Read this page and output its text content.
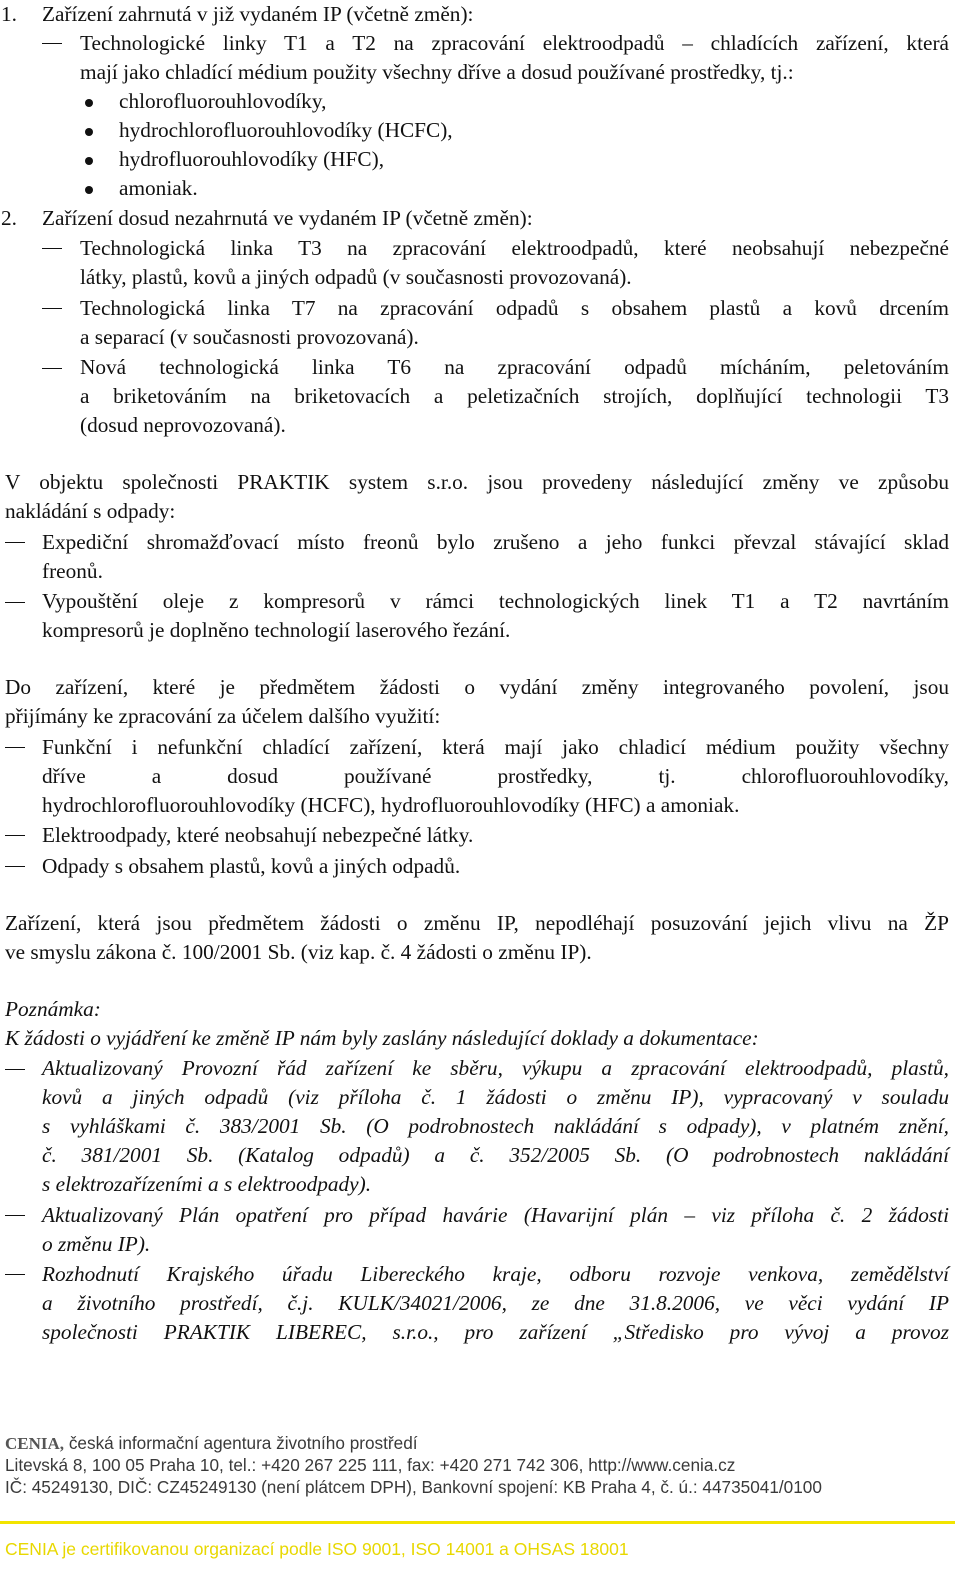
1. Zařízení zahrnutá v již vydaném IP (včetně změn):
Technologické linky T1 a T2 na zpracování elektroodpadů – chladících zařízení, která
mají jako chladící médium použity všechny dříve a dosud používané prostředky, tj.:
chlorofluorouhlovodíky,
hydrochlorofluorouhlovodíky (HCFC),
hydrofluorouhlovodíky (HFC),
amoniak.
2. Zařízení dosud nezahrnutá ve vydaném IP (včetně změn):
Technologická linka T3 na zpracování elektroodpadů, které neobsahují nebezpečné
látky, plastů, kovů a jiných odpadů (v současnosti provozovaná).
Technologická linka T7 na zpracování odpadů s obsahem plastů a kovů drcením
a separací (v současnosti provozovaná).
Nová technologická linka T6 na zpracování odpadů mícháním, peletováním
a briketováním na briketovacích a peletizačních strojích, doplňující technologii T3
(dosud neprovozovaná).
V objektu společnosti PRAKTIK system s.r.o. jsou provedeny následující změny ve způsobu
nakládání s odpady:
Expediční shromažďovací místo freonů bylo zrušeno a jeho funkci převzal stávající sklad
freonů.
Vypouštění oleje z kompresorů v rámci technologických linek T1 a T2 navrtáním
kompresorů je doplněno technologií laserového řezání.
Do zařízení, které je předmětem žádosti o vydání změny integrovaného povolení, jsou
přijímány ke zpracování za účelem dalšího využití:
Funkční i nefunkční chladící zařízení, která mají jako chladicí médium použity všechny
dříve a dosud používané prostředky, tj. chlorofluorouhlovodíky,
hydrochlorofluorouhlovodíky (HCFC), hydrofluorouhlovodíky (HFC) a amoniak.
Elektroodpady, které neobsahují nebezpečné látky.
Odpady s obsahem plastů, kovů a jiných odpadů.
Zařízení, která jsou předmětem žádosti o změnu IP, nepodléhají posuzování jejich vlivu na ŽP
ve smyslu zákona č. 100/2001 Sb. (viz kap. č. 4 žádosti o změnu IP).
Poznámka:
K žádosti o vyjádření ke změně IP nám byly zaslány následující doklady a dokumentace:
Aktualizovaný Provozní řád zařízení ke sběru, výkupu a zpracování elektroodpadů, plastů,
kovů a jiných odpadů (viz příloha č. 1 žádosti o změnu IP), vypracovaný v souladu
s vyhláškami č. 383/2001 Sb. (O podrobnostech nakládání s odpady), v platném znění,
č. 381/2001 Sb. (Katalog odpadů) a č. 352/2005 Sb. (O podrobnostech nakládání
s elektrozařízeními a s elektroodpady).
Aktualizovaný Plán opatření pro případ havárie (Havarijní plán – viz příloha č. 2 žádosti
o změnu IP).
Rozhodnutí Krajského úřadu Libereckého kraje, odboru rozvoje venkova, zemědělství
a životního prostředí, č.j. KULK/34021/2006, ze dne 31.8.2006, ve věci vydání IP
společnosti PRAKTIK LIBEREC, s.r.o., pro zařízení „Středisko pro vývoj a provoz
CENIA, česká informační agentura životního prostředí
Litevská 8, 100 05 Praha 10, tel.: +420 267 225 111, fax: +420 271 742 306, http://www.cenia.cz
IČ: 45249130, DIČ: CZ45249130 (není plátcem DPH), Bankovní spojení: KB Praha 4, č. ú.: 44735041/0100
CENIA je certifikovanou organizací podle ISO 9001, ISO 14001 a OHSAS 18001
